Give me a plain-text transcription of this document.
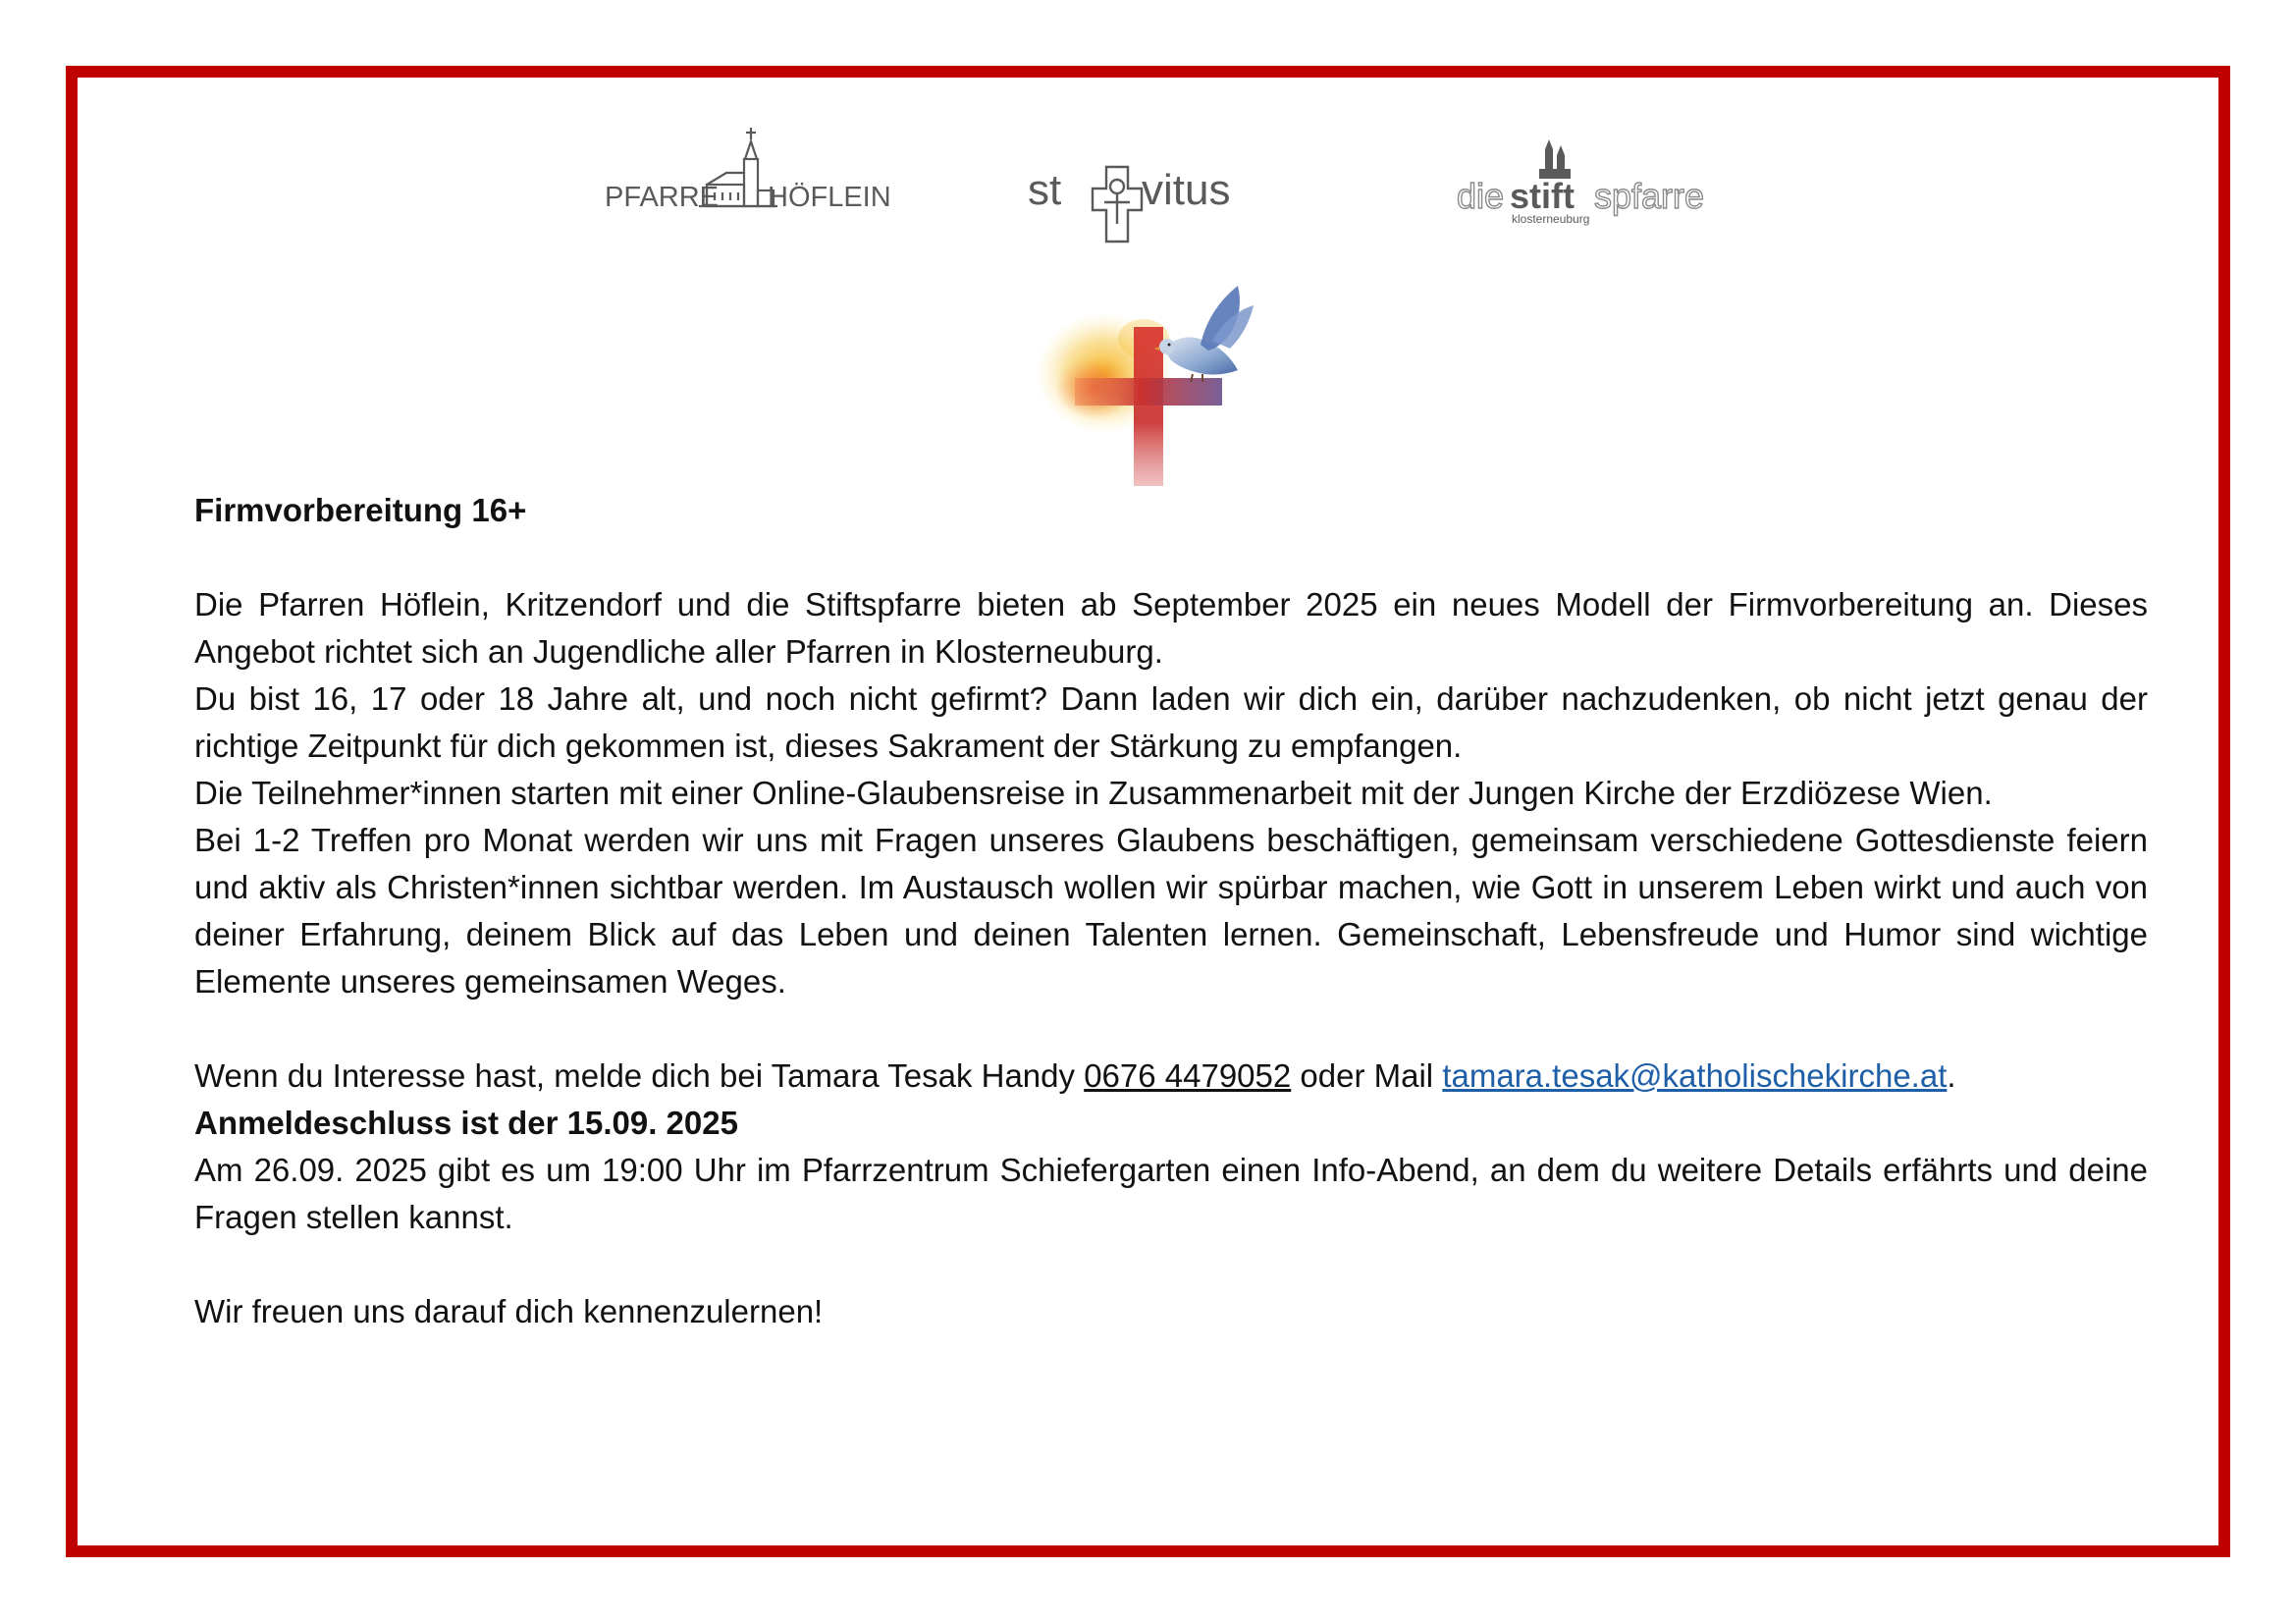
PFARRE HÖFLEIN	st vitus	die stift spfarre
klosterneuburg

Firmvorbereitung 16+

Die Pfarren Höflein, Kritzendorf und die Stiftspfarre bieten ab September 2025 ein neues Modell der Firmvorbereitung an. Dieses Angebot richtet sich an Jugendliche aller Pfarren in Klosterneuburg.

Du bist 16, 17 oder 18 Jahre alt, und noch nicht gefirmt? Dann laden wir dich ein, darüber nachzudenken, ob nicht jetzt genau der richtige Zeitpunkt für dich gekommen ist, dieses Sakrament der Stärkung zu empfangen.

Die Teilnehmer*innen starten mit einer Online-Glaubensreise in Zusammenarbeit mit der Jungen Kirche der Erzdiözese Wien.

Bei 1-2 Treffen pro Monat werden wir uns mit Fragen unseres Glaubens beschäftigen, gemeinsam verschiedene Gottesdienste feiern und aktiv als Christen*innen sichtbar werden. Im Austausch wollen wir spürbar machen, wie Gott in unserem Leben wirkt und auch von deiner Erfahrung, deinem Blick auf das Leben und deinen Talenten lernen. Gemeinschaft, Lebensfreude und Humor sind wichtige Elemente unseres gemeinsamen Weges.

Wenn du Interesse hast, melde dich bei Tamara Tesak Handy 0676 4479052 oder Mail tamara.tesak@katholischekirche.at.

Anmeldeschluss ist der 15.09. 2025

Am 26.09. 2025 gibt es um 19:00 Uhr im Pfarrzentrum Schiefergarten einen Info-Abend, an dem du weitere Details erfährts und deine Fragen stellen kannst.

Wir freuen uns darauf dich kennenzulernen!
